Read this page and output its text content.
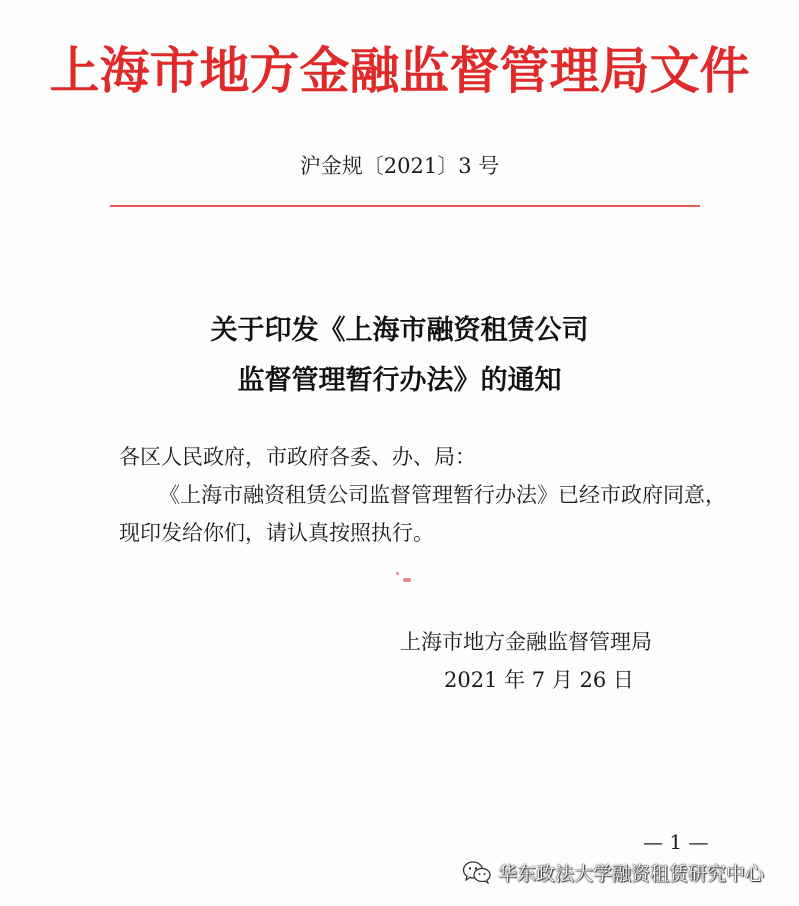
上海市地方金融监督管理局文件
沪金规〔2021〕3 号
关于印发《上海市融资租赁公司
监督管理暂行办法》的通知

各区人民政府，市政府各委、办、局：

《上海市融资租赁公司监督管理暂行办法》已经市政府同意，

现印发给你们，请认真按照执行。

上海市地方金融监督管理局
2021 年 7 月 26 日
— 1 —
华东政法大学融资租赁研究中心
